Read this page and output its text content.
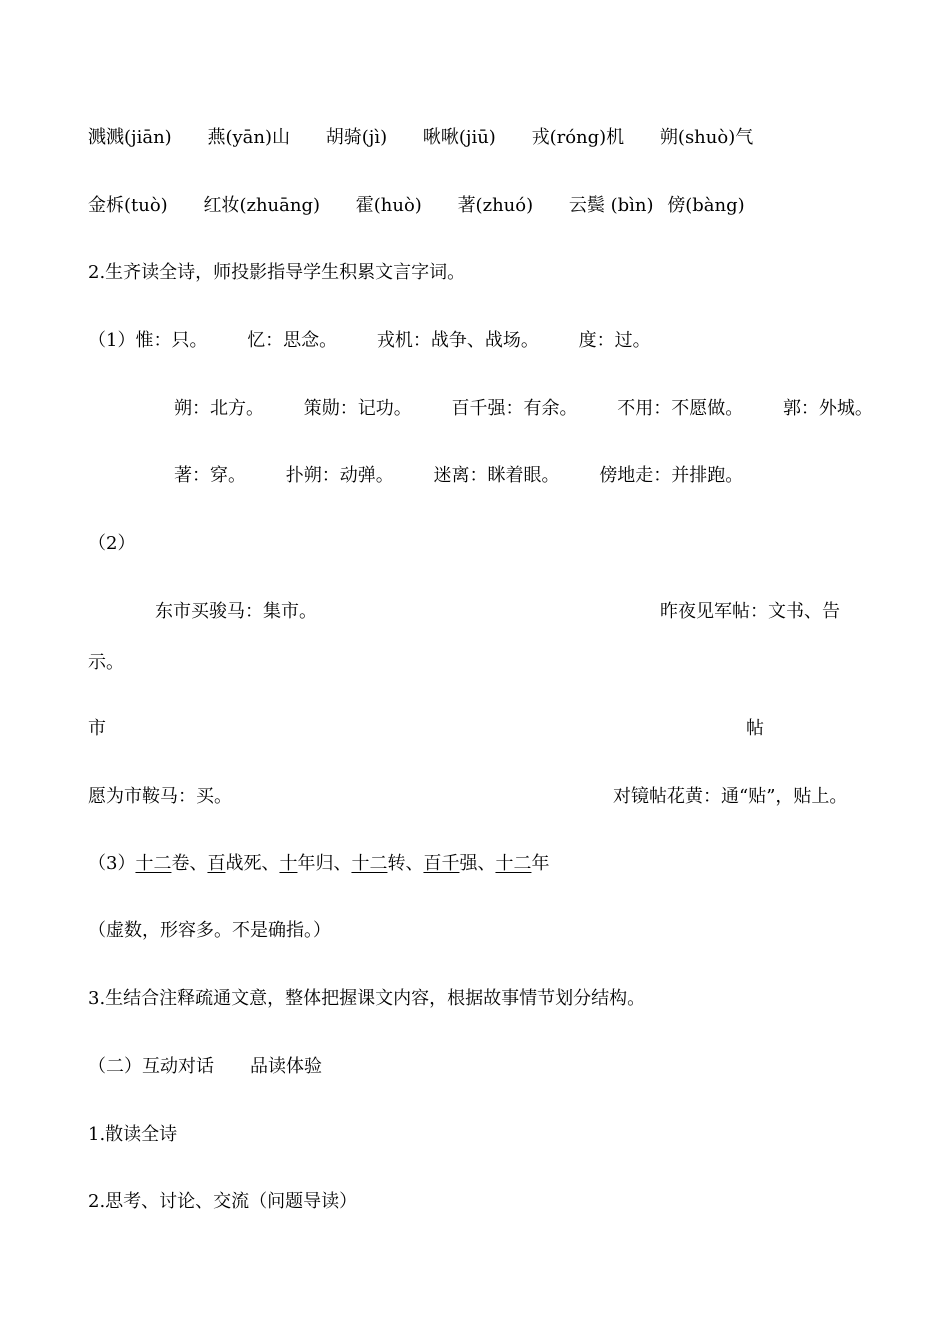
溅溅(jiān) 燕(yān)山 胡骑(jì) 啾啾(jiū) 戎(róng)机 朔(shuò)气
金柝(tuò) 红妆(zhuāng) 霍(huò) 著(zhuó) 云鬓 (bìn) 傍(bàng)
2.生齐读全诗，师投影指导学生积累文言字词。
（1）惟：只。 忆：思念。 戎机：战争、战场。 度：过。
朔：北方。 策勋：记功。 百千强：有余。 不用：不愿做。 郭：外城。
著：穿。 扑朔：动弹。 迷离：眯着眼。 傍地走：并排跑。
（2）
东市买骏马：集市。	昨夜见军帖：文书、告
示。
市	帖
愿为市鞍马：买。	对镜帖花黄：通“贴”，贴上。
（3）十二卷、百战死、十年归、十二转、百千强、十二年
（虚数，形容多。不是确指。）
3.生结合注释疏通文意，整体把握课文内容，根据故事情节划分结构。
（二）互动对话　　品读体验
1.散读全诗
2.思考、讨论、交流（问题导读）
